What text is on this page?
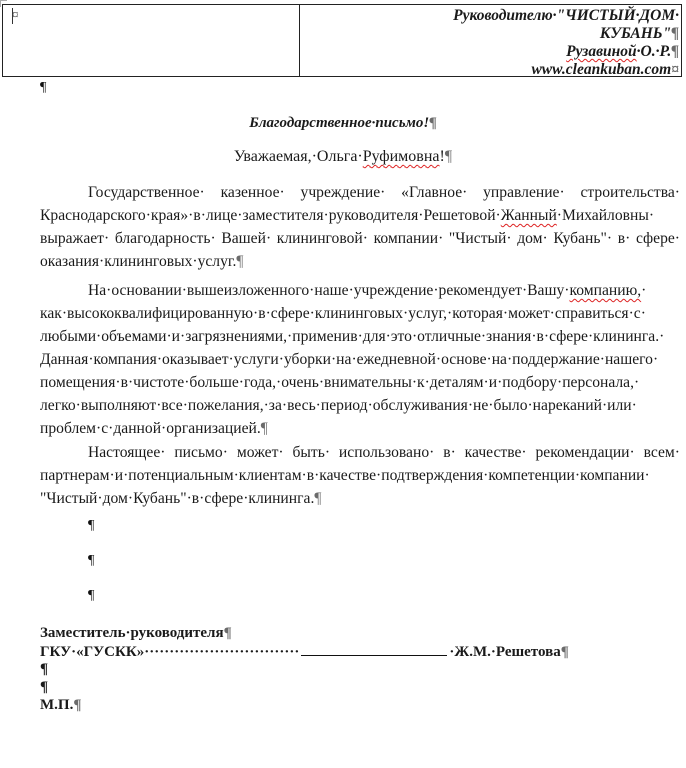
¤	Руководителю·"ЧИСТЫЙ·ДОМ·
КУБАНЬ"¶
Рузавиной·О.·Р.¶
www.cleankuban.com¤
¶
Благодарственное·письмо!¶
Уважаемая,·Ольга·Руфимовна!¶
Государственное· казенное· учреждение· «Главное· управление· строительства· Краснодарского·края»·в·лице·заместителя·руководителя·Решетовой·Жанный·Михайловны· выражает· благодарность· Вашей· клининговой· компании· "Чистый· дом· Кубань"· в· сфере· оказания·клининговых·услуг.¶
На·основании·вышеизложенного·наше·учреждение·рекомендует·Вашу·компанию,· как·высококвалифицированную·в·сфере·клининговых·услуг,·которая·может·справиться·с· любыми·объемами·и·загрязнениями,·применив·для·это·отличные·знания·в·сфере·клининга.· Данная·компания·оказывает·услуги·уборки·на·ежедневной·основе·на·поддержание·нашего· помещения·в·чистоте·больше·года,·очень·внимательны·к·деталям·и·подбору·персонала,· легко·выполняют·все·пожелания,·за·весь·период·обслуживания·не·было·нареканий·или· проблем·с·данной·организацией.¶
Настоящее· письмо· может· быть· использовано· в· качестве· рекомендации· всем· партнерам·и·потенциальным·клиентам·в·качестве·подтверждения·компетенции·компании· "Чистый·дом·Кубань"·в·сфере·клининга.¶
¶
¶
¶
Заместитель·руководителя¶
ГКУ·«ГУСКК»·······························	·Ж.М.·Решетова¶
¶
¶
М.П.¶
